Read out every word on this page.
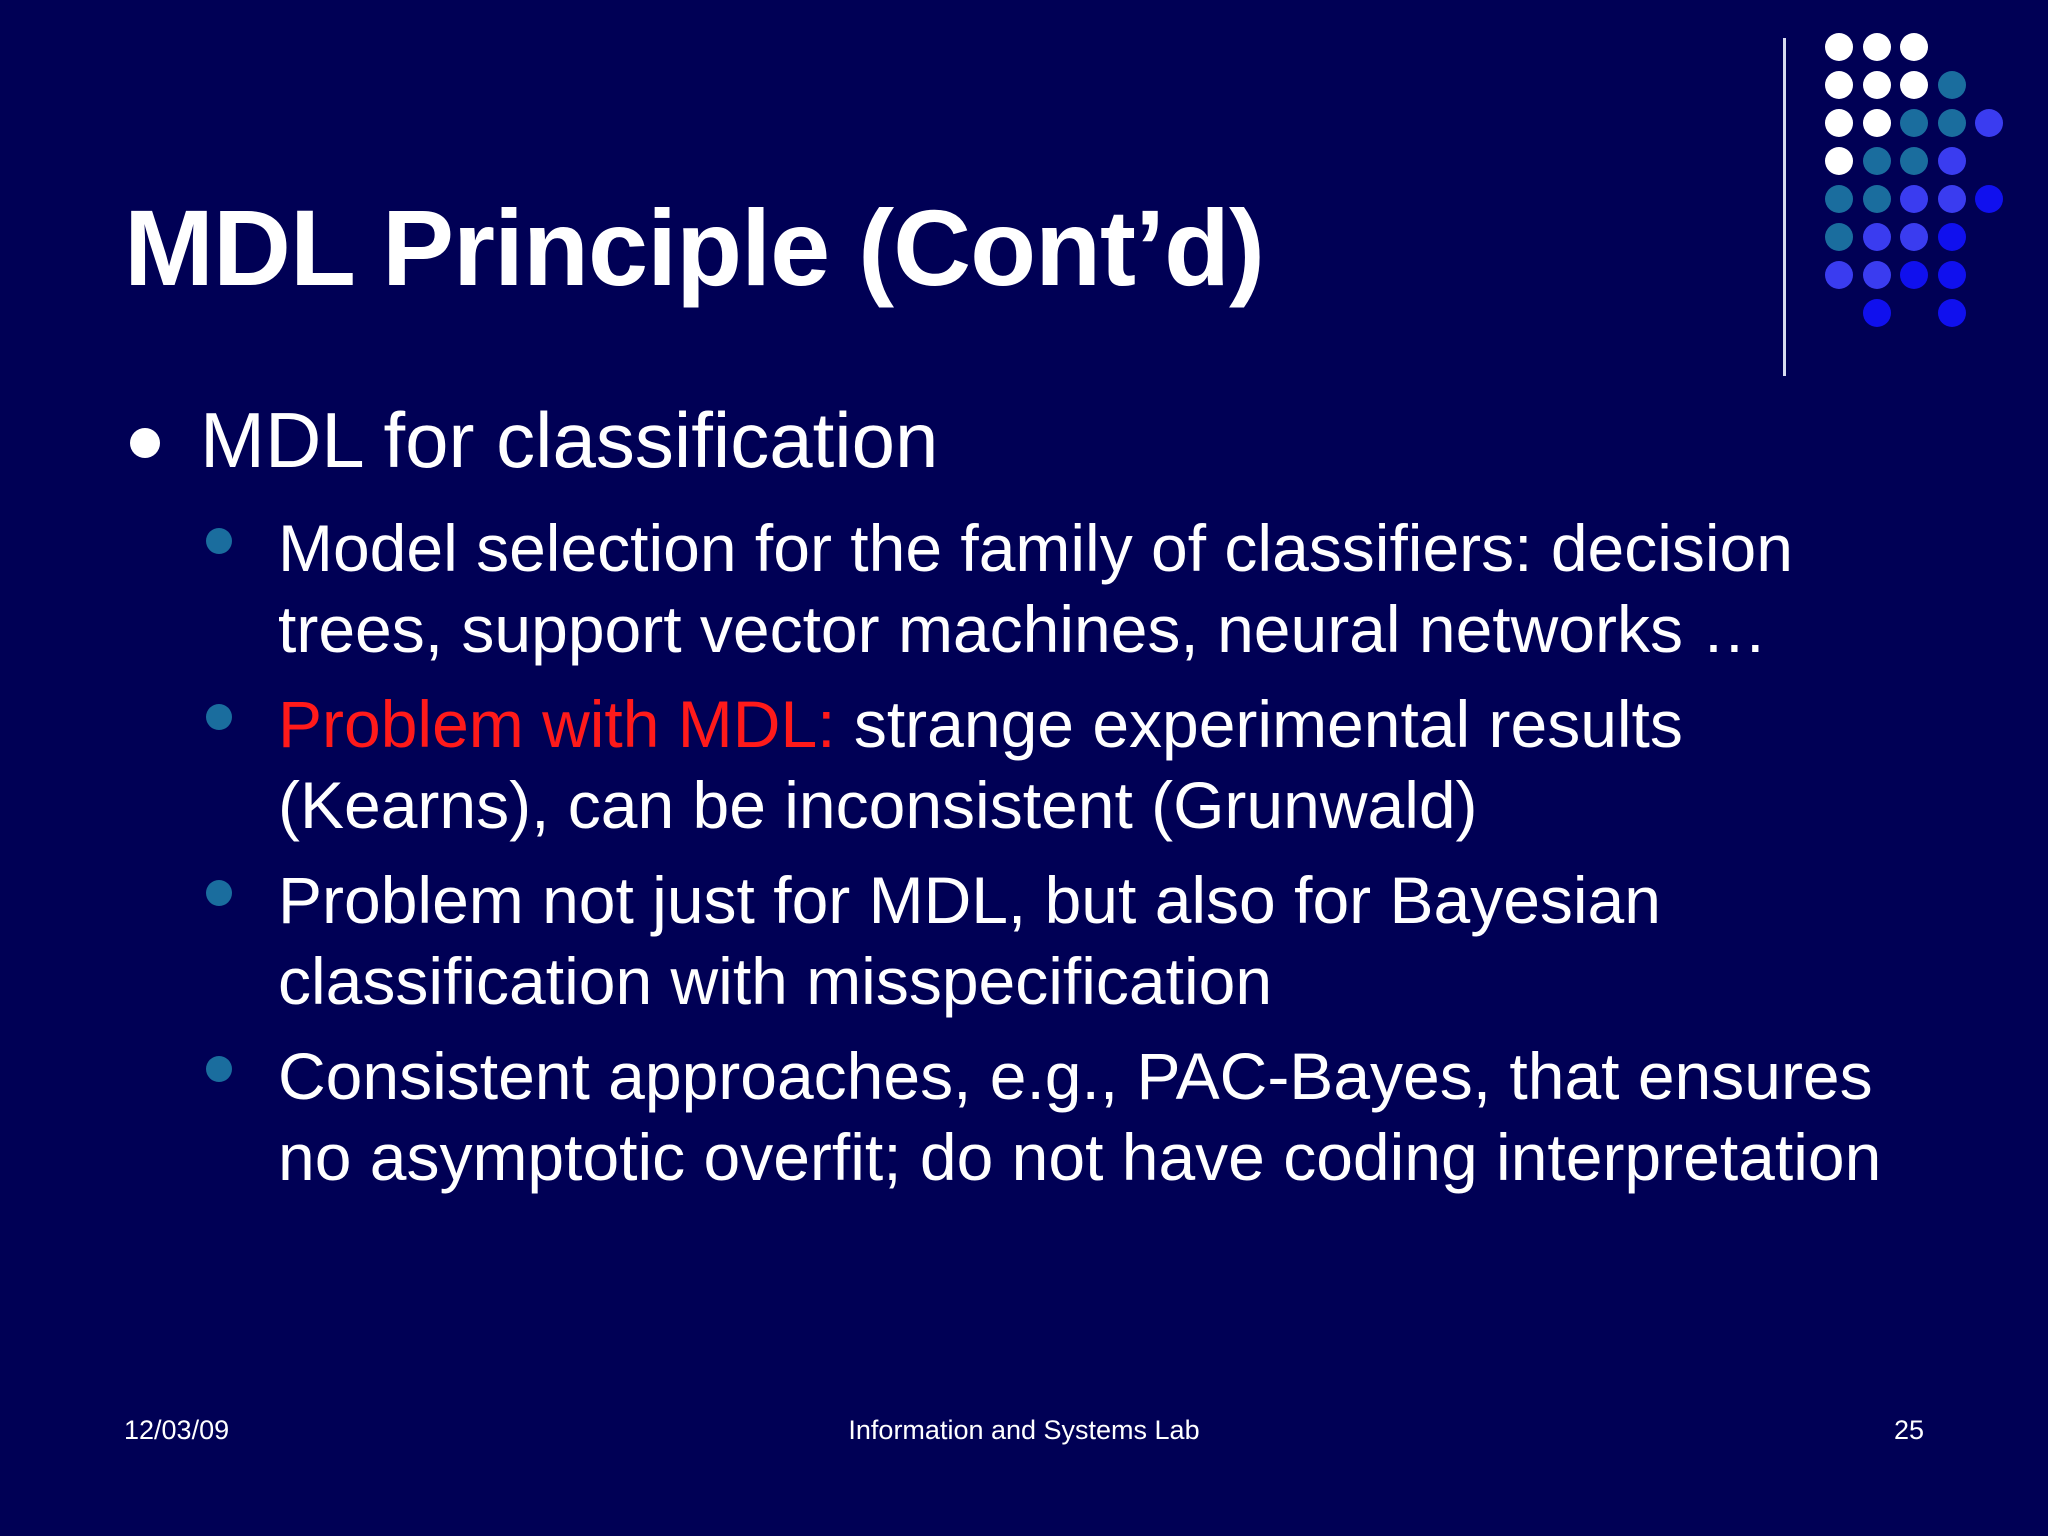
MDL Principle (Cont’d)
MDL for classification
Model selection for the family of classifiers: decision trees, support vector machines, neural networks …
Problem with MDL: strange experimental results (Kearns), can be inconsistent (Grunwald)
Problem not just for MDL, but also for Bayesian classification with misspecification
Consistent approaches, e.g., PAC-Bayes, that ensures no asymptotic overfit; do not have coding interpretation
12/03/09	Information and Systems Lab	25
